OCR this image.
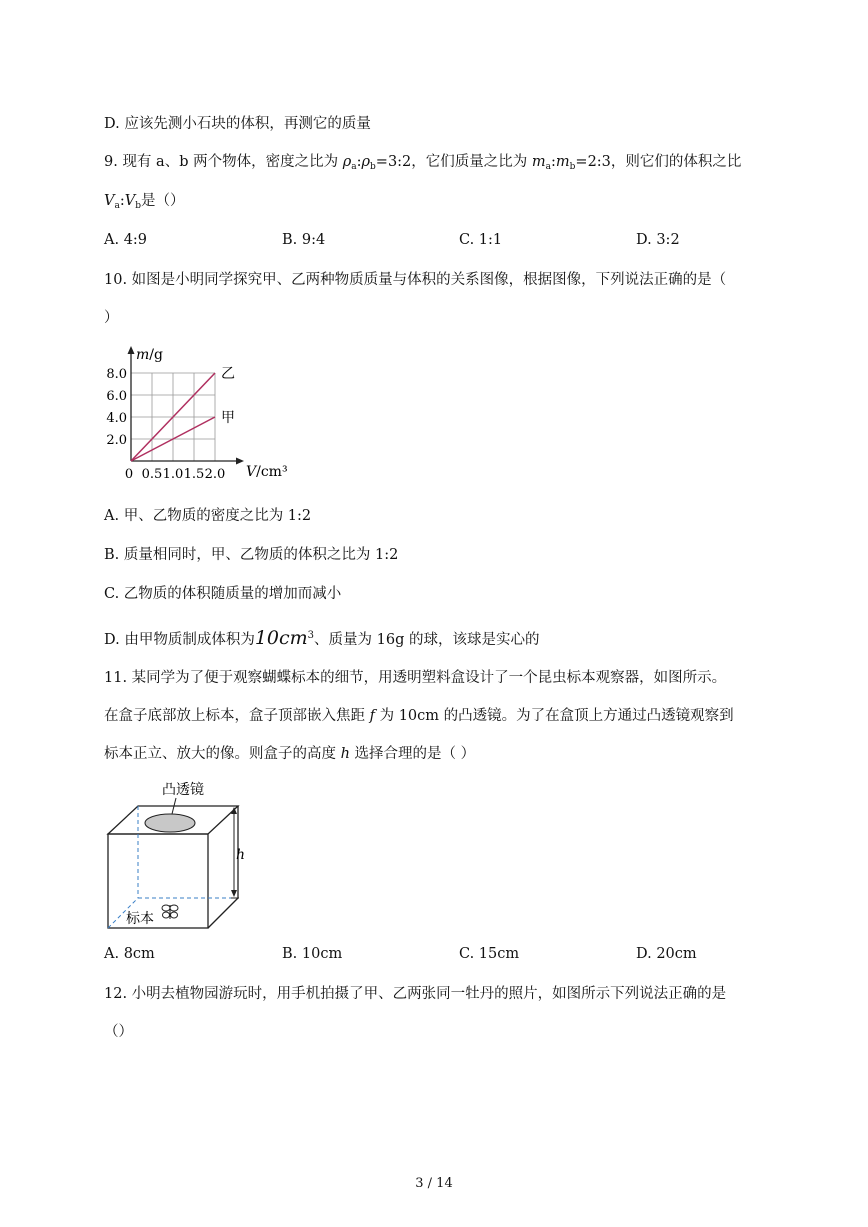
D. 应该先测小石块的体积，再测它的质量
9. 现有 a、b 两个物体，密度之比为 $\rho_a:\rho_b=3:2$，它们质量之比为 $m_a:m_b=2:3$，则它们的体积之比
$V_a:V_b$是（）
A. 4:9	B. 9:4	C. 1:1	D. 3:2
10. 如图是小明同学探究甲、乙两种物质质量与体积的关系图像，根据图像，下列说法正确的是（
）
0 0.5 1.0 1.5 2.0
2.0
4.0
6.0
8.0	乙
甲
m/g
V/cm³
A. 甲、乙物质的密度之比为 1:2
B. 质量相同时，甲、乙物质的体积之比为 1:2
C. 乙物质的体积随质量的增加而减小
D. 由甲物质制成体积为$10cm^3$、质量为 16g 的球，该球是实心的
11. 某同学为了便于观察蝴蝶标本的细节，用透明塑料盒设计了一个昆虫标本观察器，如图所示。
在盒子底部放上标本，盒子顶部嵌入焦距 f 为 10cm 的凸透镜。为了在盒顶上方通过凸透镜观察到
标本正立、放大的像。则盒子的高度 h 选择合理的是（ ）
凸透镜
h
标本
A. 8cm	B. 10cm	C. 15cm	D. 20cm
12. 小明去植物园游玩时，用手机拍摄了甲、乙两张同一牡丹的照片，如图所示下列说法正确的是
（）
3 / 14
